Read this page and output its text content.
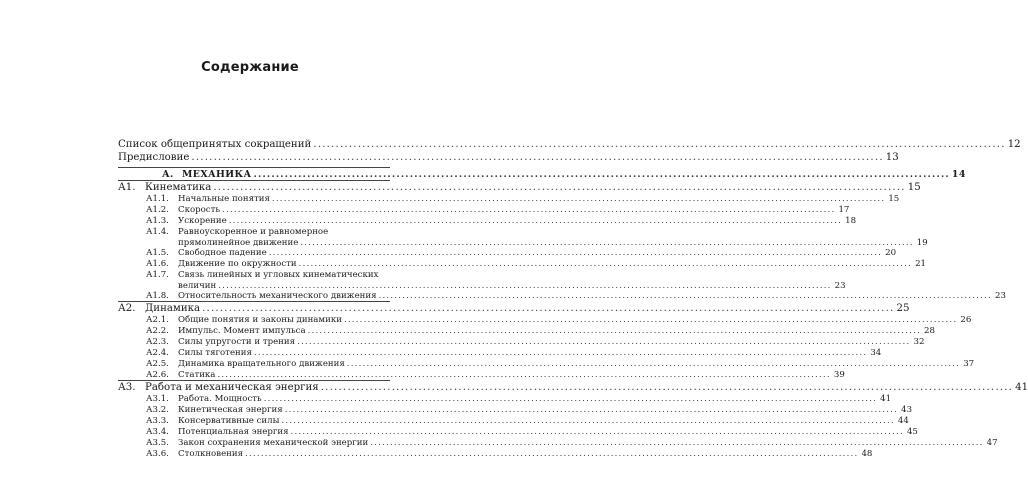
Содержание
Список общепринятых сокращений .....	12
Предисловие .....	13
А. МЕХАНИКА .....	14
А1. Кинематика .....	15
А1.1.	Начальные понятия .....	15
А1.2.	Скорость .....	17
А1.3.	Ускорение .....	18
А1.4.	Равноускоренное и равномерное
прямолинейное движение .....	19
А1.5.	Свободное падение .....	20
А1.6.	Движение по окружности .....	21
А1.7.	Связь линейных и угловых кинематических
величин .....	23
А1.8.	Относительность механического движения .....	23
А2. Динамика .....	25
А2.1.	Общие понятия и законы динамики .....	26
А2.2.	Импульс. Момент импульса .....	28
А2.3.	Силы упругости и трения .....	32
А2.4.	Силы тяготения .....	34
А2.5.	Динамика вращательного движения .....	37
А2.6.	Статика .....	39
А3. Работа и механическая энергия .....	41
А3.1.	Работа. Мощность .....	41
А3.2.	Кинетическая энергия .....	43
А3.3.	Консервативные силы .....	44
А3.4.	Потенциальная энергия .....	45
А3.5.	Закон сохранения механической энергии .....	47
А3.6.	Столкновения .....	48
